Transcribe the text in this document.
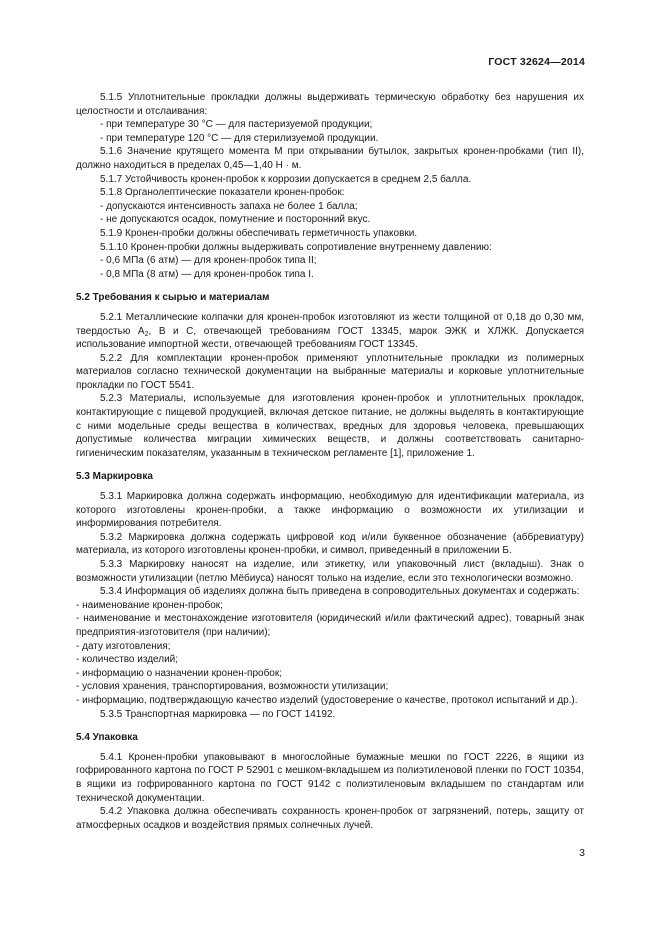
ГОСТ 32624—2014

5.1.5 Уплотнительные прокладки должны выдерживать термическую обработку без нарушения их целостности и отслаивания:

- при температуре 30 °С — для пастеризуемой продукции;

- при температуре 120 °С — для стерилизуемой продукции.

5.1.6 Значение крутящего момента М при открывании бутылок, закрытых кронен-пробками (тип II), должно находиться в пределах 0,45—1,40 Н · м.

5.1.7 Устойчивость кронен-пробок к коррозии допускается в среднем 2,5 балла.

5.1.8 Органолептические показатели кронен-пробок:

- допускаются интенсивность запаха не более 1 балла;

- не допускаются осадок, помутнение и посторонний вкус.

5.1.9 Кронен-пробки должны обеспечивать герметичность упаковки.

5.1.10 Кронен-пробки должны выдерживать сопротивление внутреннему давлению:

- 0,6 МПа (6 атм) — для кронен-пробок типа II;

- 0,8 МПа (8 атм) — для кронен-пробок типа I.

5.2 Требования к сырью и материалам

5.2.1 Металлические колпачки для кронен-пробок изготовляют из жести толщиной от 0,18 до 0,30 мм, твердостью $А_2$, В и С, отвечающей требованиям ГОСТ 13345, марок ЭЖК и ХЛЖК. Допускается использование импортной жести, отвечающей требованиям ГОСТ 13345.

5.2.2 Для комплектации кронен-пробок применяют уплотнительные прокладки из полимерных материалов согласно технической документации на выбранные материалы и корковые уплотнительные прокладки по ГОСТ 5541.

5.2.3 Материалы, используемые для изготовления кронен-пробок и уплотнительных прокладок, контактирующие с пищевой продукцией, включая детское питание, не должны выделять в контактирующие с ними модельные среды вещества в количествах, вредных для здоровья человека, превышающих допустимые количества миграции химических веществ, и должны соответствовать санитарно-гигиеническим показателям, указанным в техническом регламенте [1], приложение 1.

5.3 Маркировка

5.3.1 Маркировка должна содержать информацию, необходимую для идентификации материала, из которого изготовлены кронен-пробки, а также информацию о возможности их утилизации и информирования потребителя.

5.3.2 Маркировка должна содержать цифровой код и/или буквенное обозначение (аббревиатуру) материала, из которого изготовлены кронен-пробки, и символ, приведенный в приложении Б.

5.3.3 Маркировку наносят на изделие, или этикетку, или упаковочный лист (вкладыш). Знак о возможности утилизации (петлю Мёбиуса) наносят только на изделие, если это технологически возможно.

5.3.4 Информация об изделиях должна быть приведена в сопроводительных документах и содержать:

- наименование кронен-пробок;

- наименование и местонахождение изготовителя (юридический и/или фактический адрес), товарный знак предприятия-изготовителя (при наличии);

- дату изготовления;

- количество изделий;

- информацию о назначении кронен-пробок;

- условия хранения, транспортирования, возможности утилизации;

- информацию, подтверждающую качество изделий (удостоверение о качестве, протокол испытаний и др.).

5.3.5 Транспортная маркировка — по ГОСТ 14192.

5.4 Упаковка

5.4.1 Кронен-пробки упаковывают в многослойные бумажные мешки по ГОСТ 2226, в ящики из гофрированного картона по ГОСТ Р 52901 с мешком-вкладышем из полиэтиленовой пленки по ГОСТ 10354, в ящики из гофрированного картона по ГОСТ 9142 с полиэтиленовым вкладышем по стандартам или технической документации.

5.4.2 Упаковка должна обеспечивать сохранность кронен-пробок от загрязнений, потерь, защиту от атмосферных осадков и воздействия прямых солнечных лучей.

3
